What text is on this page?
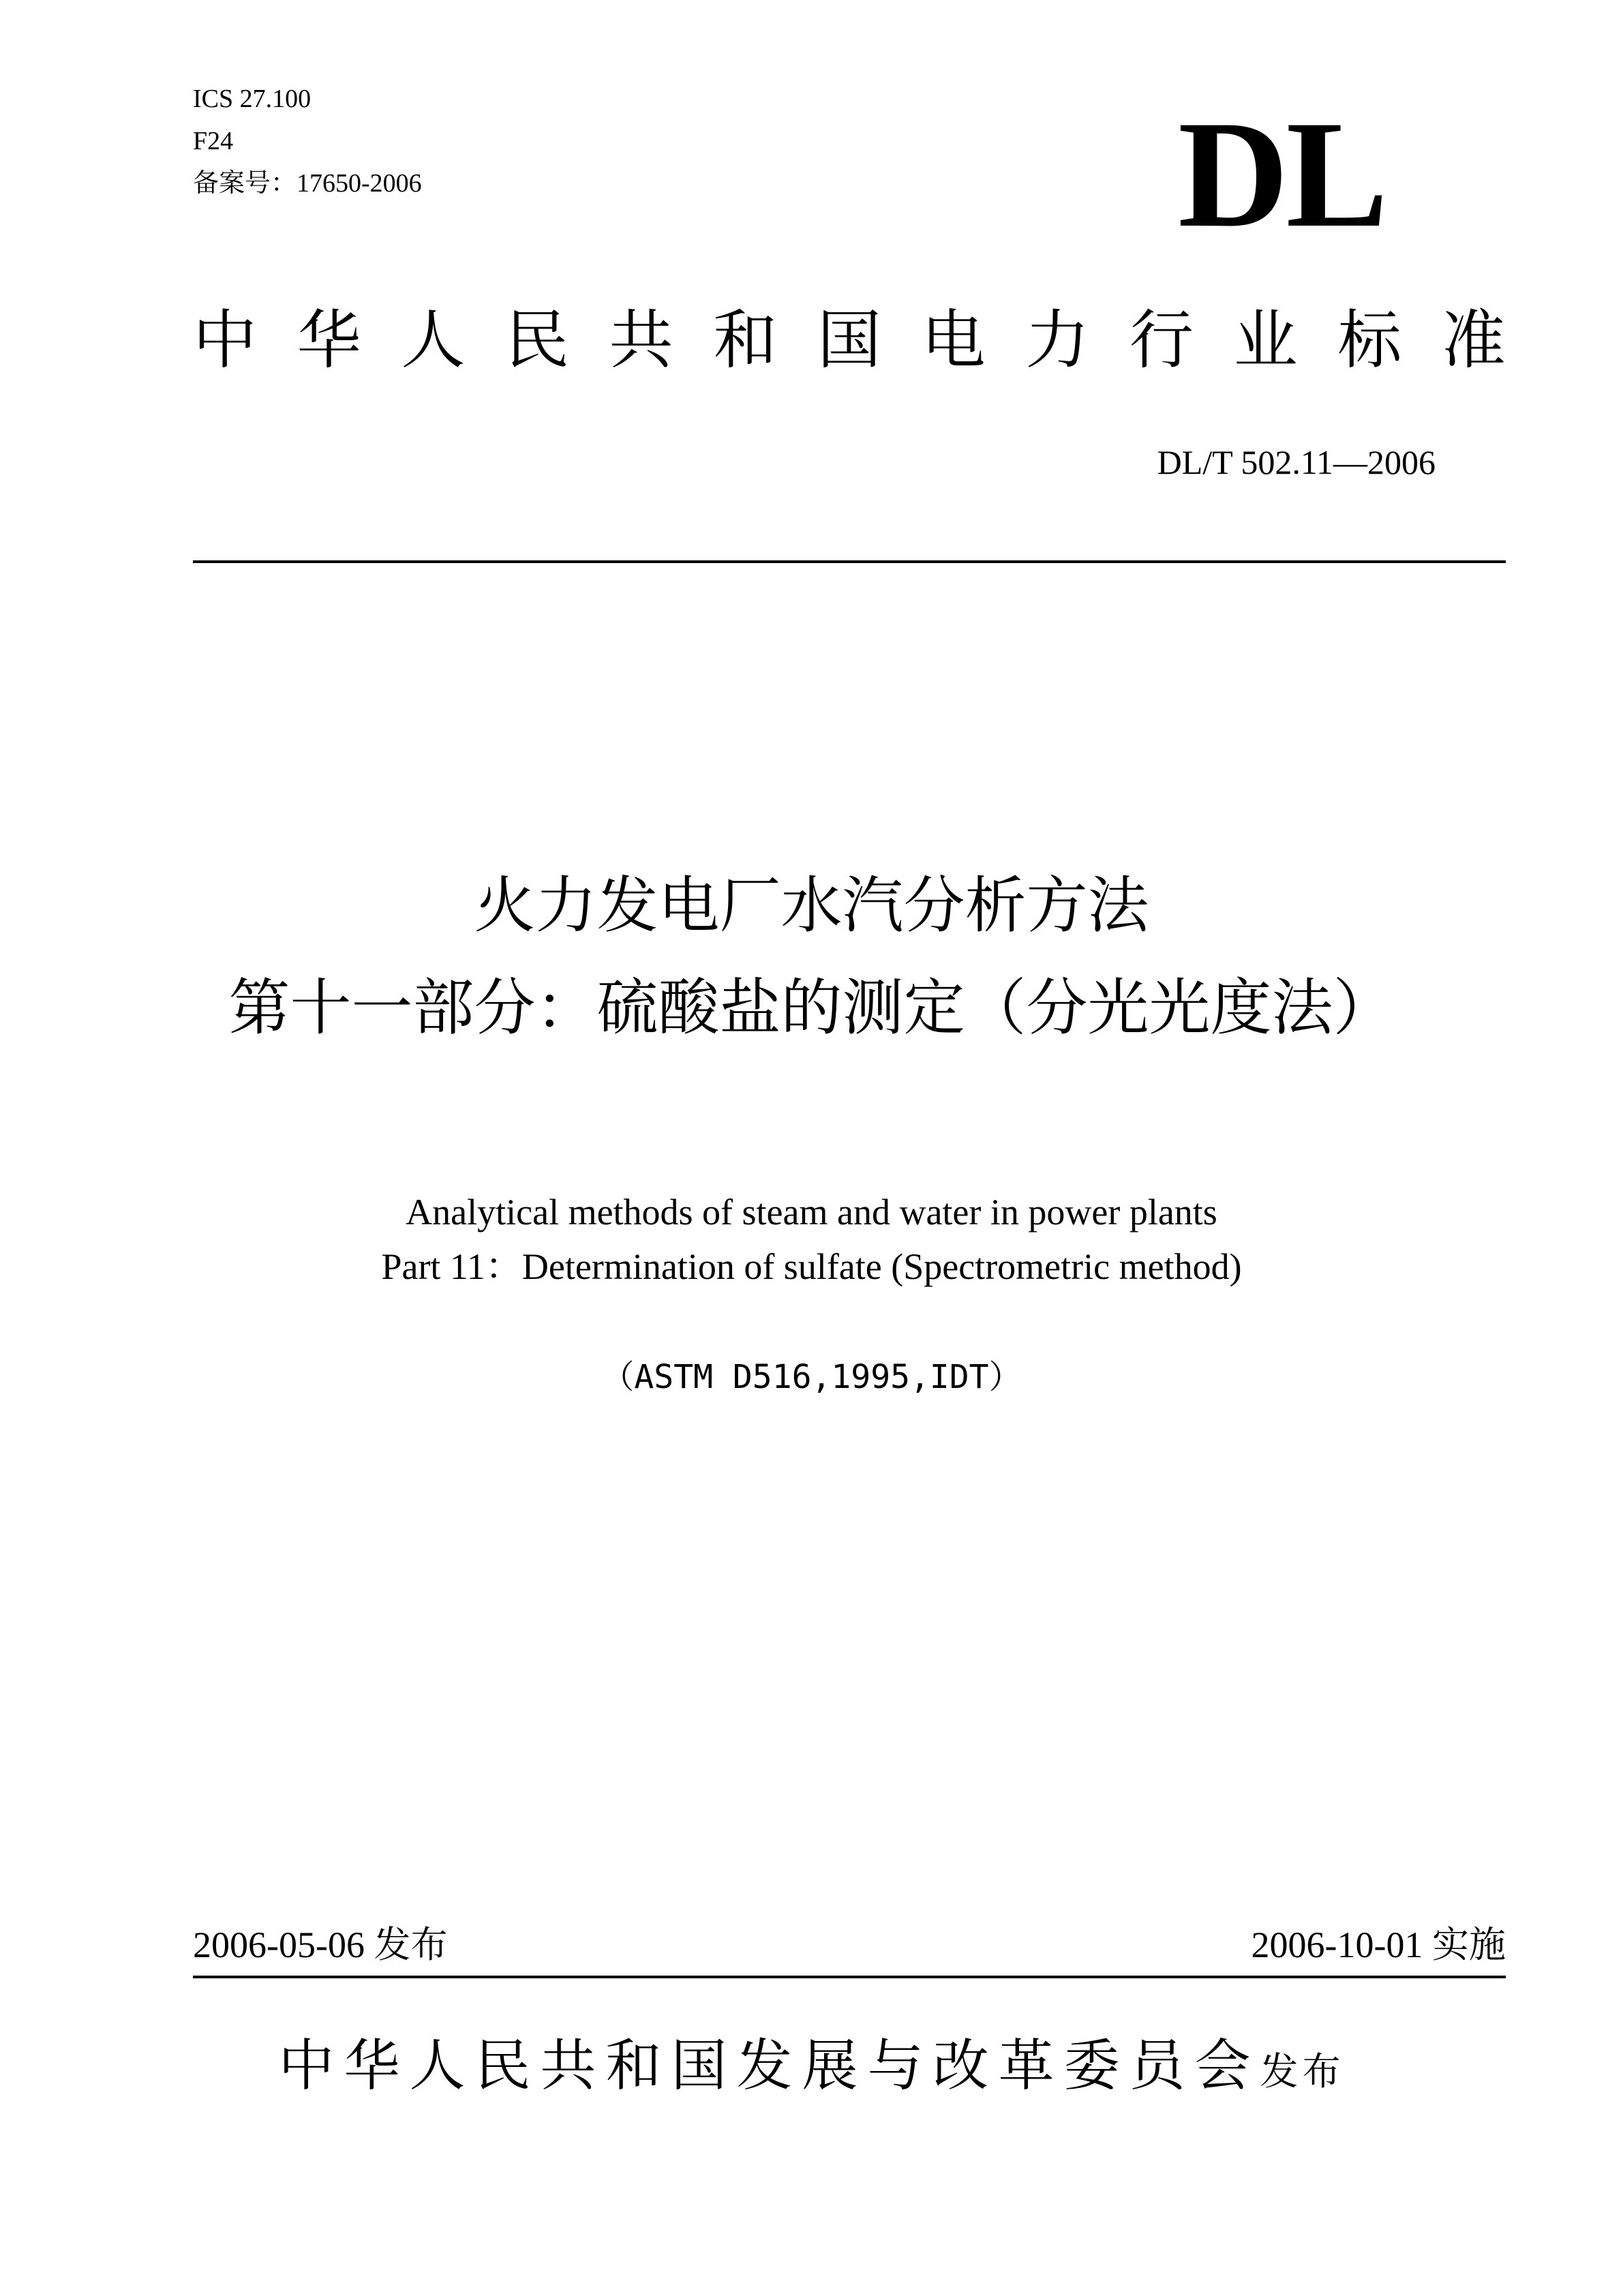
ICS 27.100
F24
备案号：17650-2006	DL
中华人民共和国电力行业标准
DL/T 502.11—2006
火力发电厂水汽分析方法
第十一部分：硫酸盐的测定（分光光度法）
Analytical methods of steam and water in power plants
Part 11：Determination of sulfate (Spectrometric method)
（ASTM D516,1995,IDT）
2006-05-06 发布	2006-10-01 实施
中华人民共和国发展与改革委员会发布
